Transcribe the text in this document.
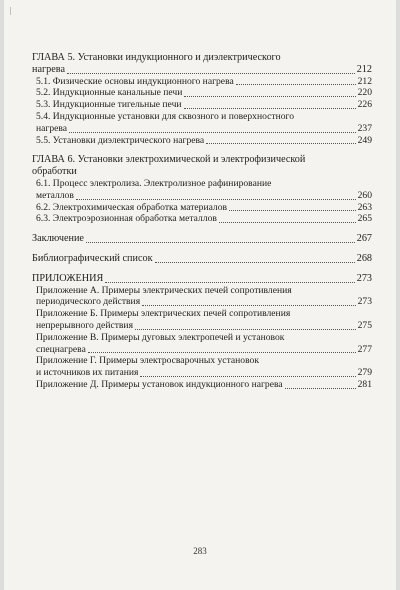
|
ГЛАВА 5. Установки индукционного и диэлектрического
нагрева	212
5.1. Физические основы индукционного нагрева	212
5.2. Индукционные канальные печи	220
5.3. Индукционные тигельные печи	226
5.4. Индукционные установки для сквозного и поверхностного
нагрева	237
5.5. Установки диэлектрического нагрева	249
ГЛАВА 6. Установки электрохимической и электрофизической
обработки
6.1. Процесс электролиза. Электролизное рафинирование
металлов	260
6.2. Электрохимическая обработка материалов	263
6.3. Электроэрозионная обработка металлов	265
Заключение	267
Библиографический список	268
ПРИЛОЖЕНИЯ	273
Приложение А. Примеры электрических печей сопротивления
периодического действия	273
Приложение Б. Примеры электрических печей сопротивления
непрерывного действия	275
Приложение В. Примеры дуговых электропечей и установок
спецнагрева	277
Приложение Г. Примеры электросварочных установок
и источников их питания	279
Приложение Д. Примеры установок индукционного нагрева	281
283
